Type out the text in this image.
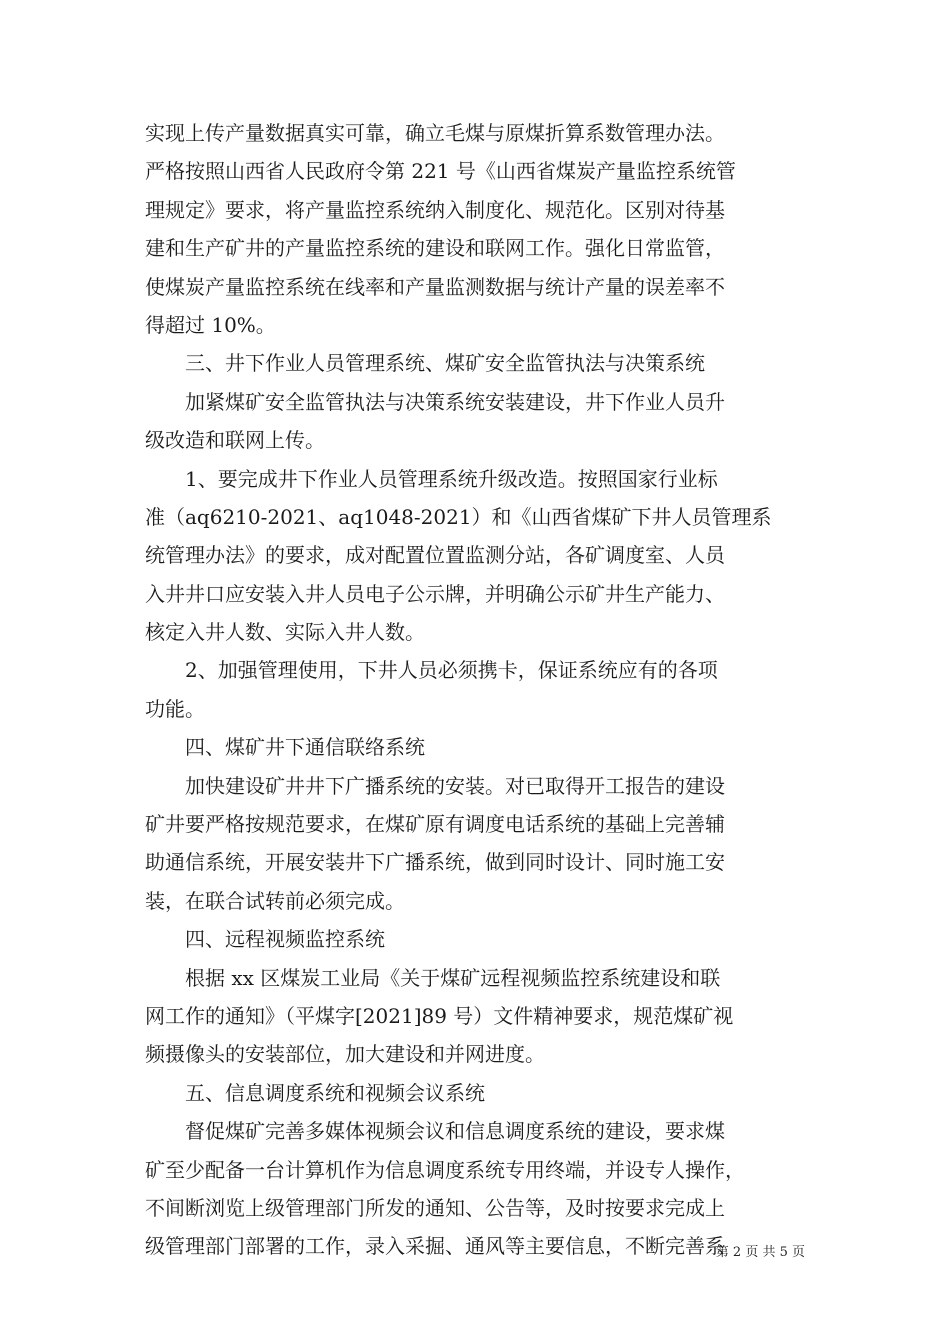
实现上传产量数据真实可靠，确立毛煤与原煤折算系数管理办法。
严格按照山西省人民政府令第 221 号《山西省煤炭产量监控系统管
理规定》要求，将产量监控系统纳入制度化、规范化。区别对待基
建和生产矿井的产量监控系统的建设和联网工作。强化日常监管，
使煤炭产量监控系统在线率和产量监测数据与统计产量的误差率不
得超过 10%。
三、井下作业人员管理系统、煤矿安全监管执法与决策系统
加紧煤矿安全监管执法与决策系统安装建设，井下作业人员升
级改造和联网上传。
1、要完成井下作业人员管理系统升级改造。按照国家行业标
准（aq6210-2021、aq1048-2021）和《山西省煤矿下井人员管理系
统管理办法》的要求，成对配置位置监测分站，各矿调度室、人员
入井井口应安装入井人员电子公示牌，并明确公示矿井生产能力、
核定入井人数、实际入井人数。
2、加强管理使用，下井人员必须携卡，保证系统应有的各项
功能。
四、煤矿井下通信联络系统
加快建设矿井井下广播系统的安装。对已取得开工报告的建设
矿井要严格按规范要求，在煤矿原有调度电话系统的基础上完善辅
助通信系统，开展安装井下广播系统，做到同时设计、同时施工安
装，在联合试转前必须完成。
四、远程视频监控系统
根据 xx 区煤炭工业局《关于煤矿远程视频监控系统建设和联
网工作的通知》（平煤字[2021]89 号）文件精神要求，规范煤矿视
频摄像头的安装部位，加大建设和并网进度。
五、信息调度系统和视频会议系统
督促煤矿完善多媒体视频会议和信息调度系统的建设，要求煤
矿至少配备一台计算机作为信息调度系统专用终端，并设专人操作，
不间断浏览上级管理部门所发的通知、公告等，及时按要求完成上
级管理部门部署的工作，录入采掘、通风等主要信息，不断完善系
第 2 页 共 5 页
